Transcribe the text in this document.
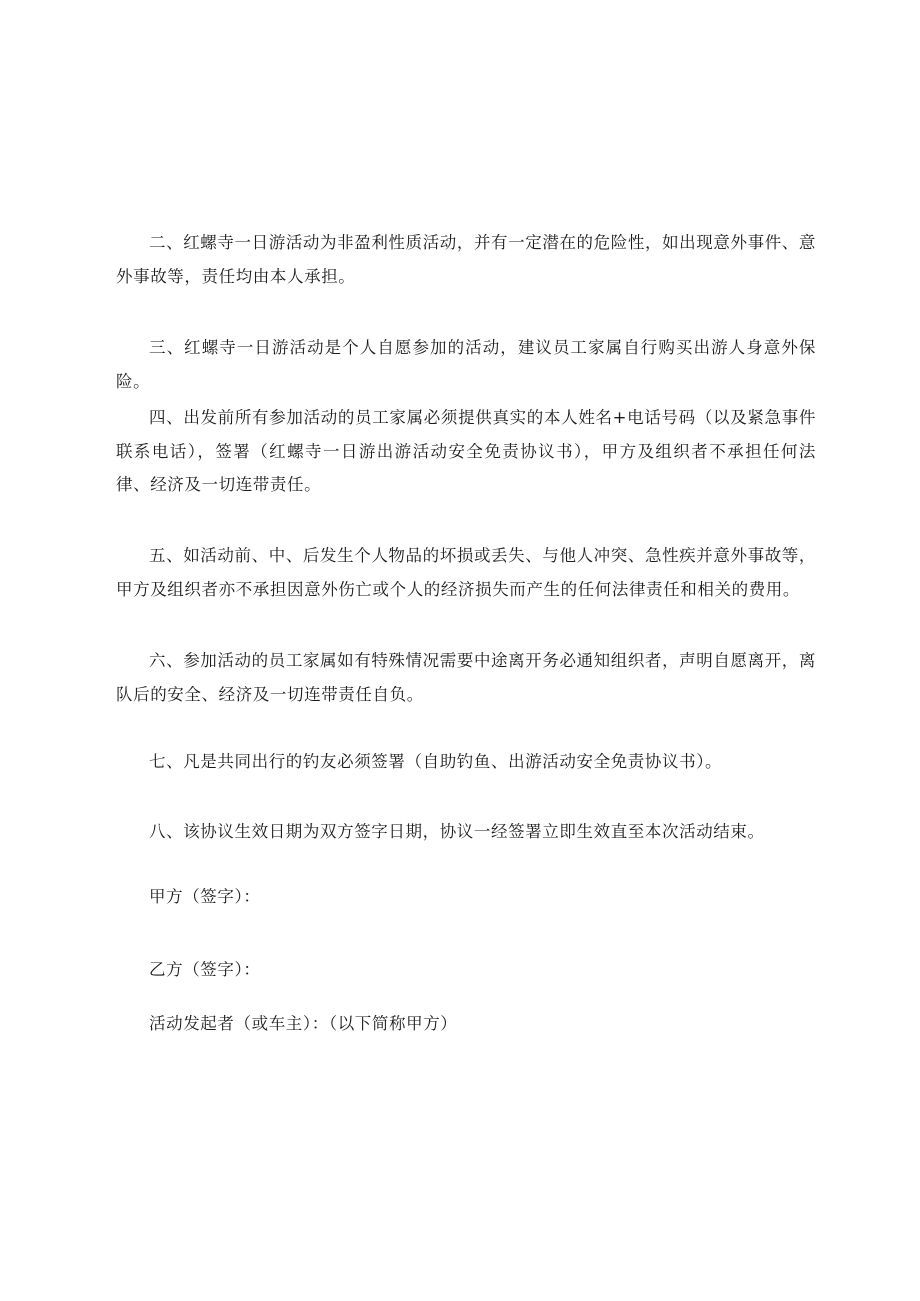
二、红螺寺一日游活动为非盈利性质活动，并有一定潜在的危险性，如出现意外事件、意外事故等，责任均由本人承担。

三、红螺寺一日游活动是个人自愿参加的活动，建议员工家属自行购买出游人身意外保险。

四、出发前所有参加活动的员工家属必须提供真实的本人姓名+电话号码（以及紧急事件联系电话），签署（红螺寺一日游出游活动安全免责协议书），甲方及组织者不承担任何法律、经济及一切连带责任。

五、如活动前、中、后发生个人物品的坏损或丢失、与他人冲突、急性疾并意外事故等，甲方及组织者亦不承担因意外伤亡或个人的经济损失而产生的任何法律责任和相关的费用。

六、参加活动的员工家属如有特殊情况需要中途离开务必通知组织者，声明自愿离开，离队后的安全、经济及一切连带责任自负。

七、凡是共同出行的钓友必须签署（自助钓鱼、出游活动安全免责协议书）。

八、该协议生效日期为双方签字日期，协议一经签署立即生效直至本次活动结束。

甲方（签字）：

乙方（签字）：

活动发起者（或车主）：（以下简称甲方）
